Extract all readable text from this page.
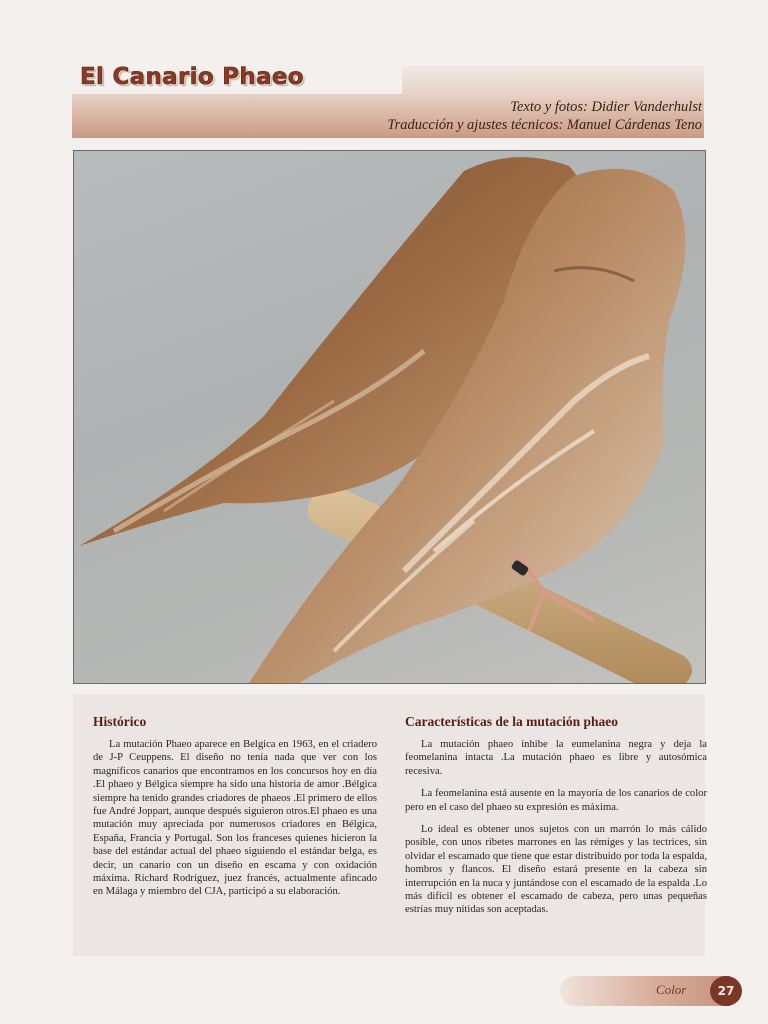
El Canario Phaeo
Texto y fotos: Didier Vanderhulst
Traducción y ajustes técnicos: Manuel Cárdenas Teno
Histórico

La mutación Phaeo aparece en Belgica en 1963, en el criadero de J-P Ceuppens. El diseño no tenía nada que ver con los magníficos canarios que encontramos en los concursos hoy en día .El phaeo y Bélgica siempre ha sido una historia de amor .Bélgica siempre ha tenido grandes criadores de phaeos .El primero de ellos fue André Joppart, aunque después siguieron otros.El phaeo es una mutación muy apreciada por numerosos criadores en Bélgica, España, Francia y Portugal. Son los franceses quienes hicieron la base del estándar actual del phaeo siguiendo el estándar belga, es decir, un canario con un diseño en escama y con oxidación máxima. Richard Rodríguez, juez francés, actualmente afincado en Málaga y miembro del CJA, participó a su elaboración.

Características de la mutación phaeo

La mutación phaeo inhibe la eumelanina negra y deja la feomelanina intacta .La mutación phaeo es libre y autosómica recesiva.

La feomelanina está ausente en la mayoría de los canarios de color pero en el caso del phaeo su expresión es máxima.

Lo ideal es obtener unos sujetos con un marrón lo más cálido posible, con unos ribetes marrones en las rémiges y las tectrices, sin olvidar el escamado que tiene que estar distribuido por toda la espalda, hombros y flancos. El diseño estará presente en la cabeza sin interrupción en la nuca y juntándose con el escamado de la espalda .Lo más difícil es obtener el escamado de cabeza, pero unas pequeñas estrías muy nítidas son aceptadas.

Color	27
